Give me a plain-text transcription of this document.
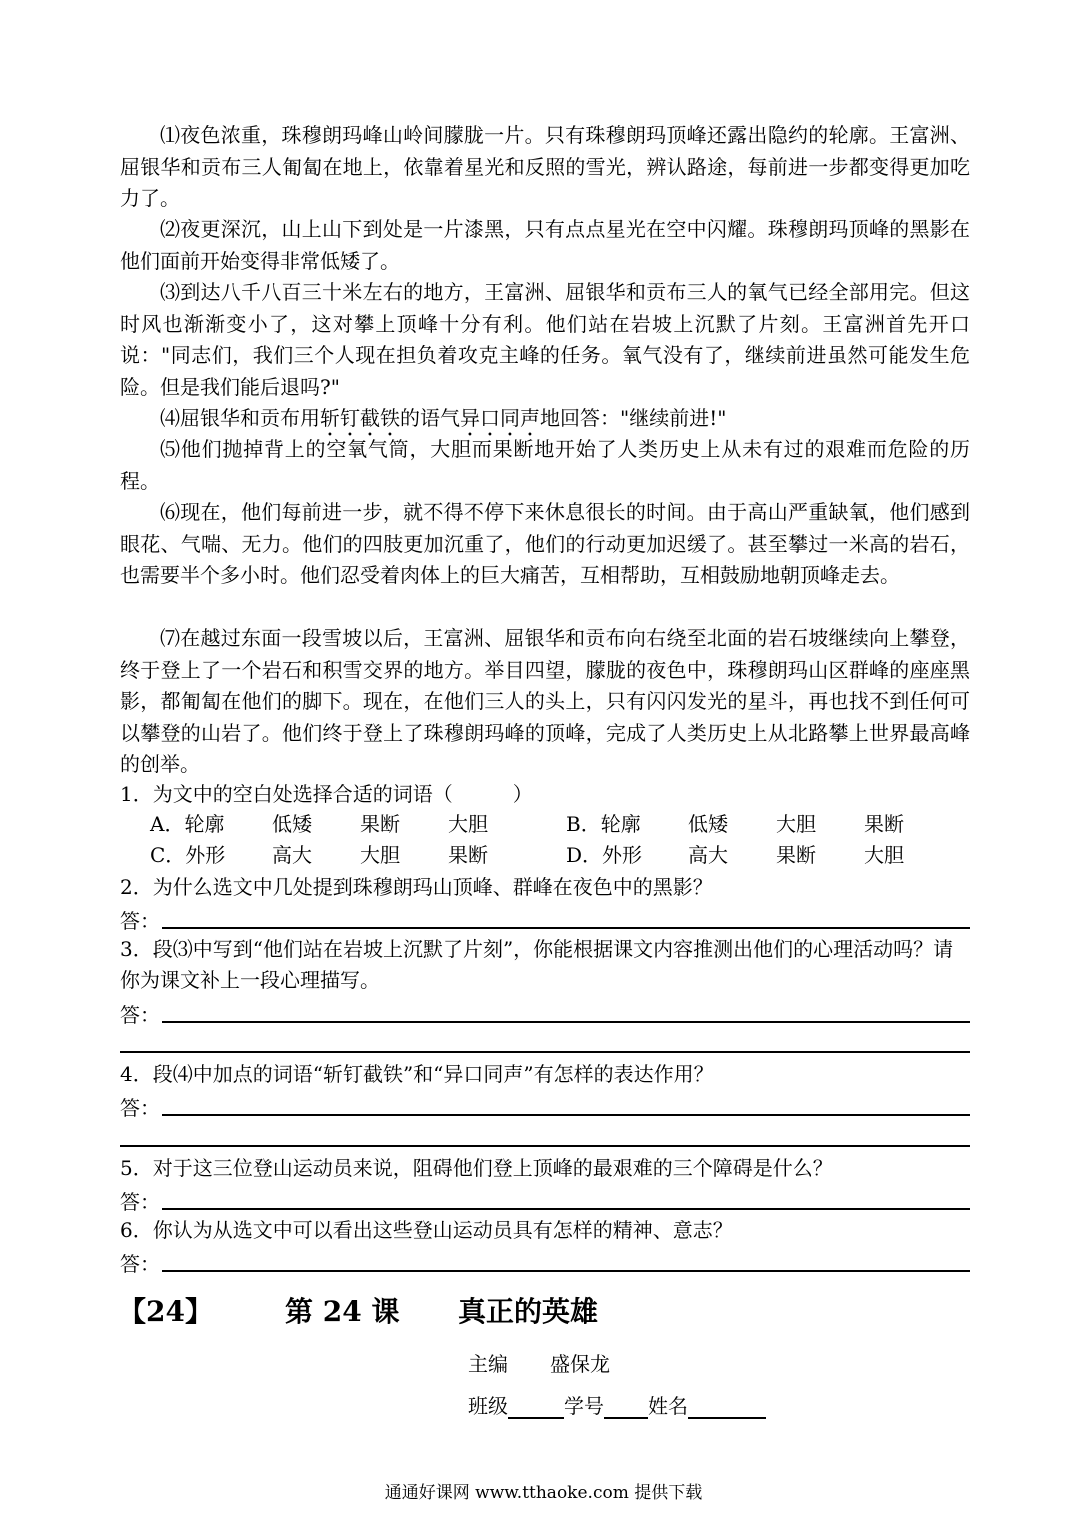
⑴夜色浓重，珠穆朗玛峰山岭间朦胧一片。只有珠穆朗玛顶峰还露出隐约的轮廓。王富洲、屈银华和贡布三人匍匐在地上，依靠着星光和反照的雪光，辨认路途，每前进一步都变得更加吃力了。

⑵夜更深沉，山上山下到处是一片漆黑，只有点点星光在空中闪耀。珠穆朗玛顶峰的黑影在他们面前开始变得非常低矮了。

⑶到达八千八百三十米左右的地方，王富洲、屈银华和贡布三人的氧气已经全部用完。但这时风也渐渐变小了，这对攀上顶峰十分有利。他们站在岩坡上沉默了片刻。王富洲首先开口说："同志们，我们三个人现在担负着攻克主峰的任务。氧气没有了，继续前进虽然可能发生危险。但是我们能后退吗?"

⑷屈银华和贡布用斩钉截铁的语气异口同声地回答："继续前进!"

⑸他们抛掉背上的空氧气筒，大胆而果断地开始了人类历史上从未有过的艰难而危险的历程。

⑹现在，他们每前进一步，就不得不停下来休息很长的时间。由于高山严重缺氧，他们感到眼花、气喘、无力。他们的四肢更加沉重了，他们的行动更加迟缓了。甚至攀过一米高的岩石，也需要半个多小时。他们忍受着肉体上的巨大痛苦，互相帮助，互相鼓励地朝顶峰走去。

⑺在越过东面一段雪坡以后，王富洲、屈银华和贡布向右绕至北面的岩石坡继续向上攀登，终于登上了一个岩石和积雪交界的地方。举目四望，朦胧的夜色中，珠穆朗玛山区群峰的座座黑影，都匍匐在他们的脚下。现在，在他们三人的头上，只有闪闪发光的星斗，再也找不到任何可以攀登的山岩了。他们终于登上了珠穆朗玛峰的顶峰，完成了人类历史上从北路攀上世界最高峰的创举。

1．为文中的空白处选择合适的词语（　　　）

A．轮廓	低矮	果断	大胆	B．轮廓	低矮	大胆	果断
C．外形	高大	大胆	果断	D．外形	高大	果断	大胆

2．为什么选文中几处提到珠穆朗玛山顶峰、群峰在夜色中的黑影？

答：

3．段⑶中写到“他们站在岩坡上沉默了片刻”，你能根据课文内容推测出他们的心理活动吗？请你为课文补上一段心理描写。

答：

4．段⑷中加点的词语“斩钉截铁”和“异口同声”有怎样的表达作用？

答：

5．对于这三位登山运动员来说，阻碍他们登上顶峰的最艰难的三个障碍是什么？

答：

6．你认为从选文中可以看出这些登山运动员具有怎样的精神、意志？

答：
【24】	第 24 课 真正的英雄
主编 盛保龙
班级	学号 姓名
通通好课网 www.tthaoke.com 提供下载
